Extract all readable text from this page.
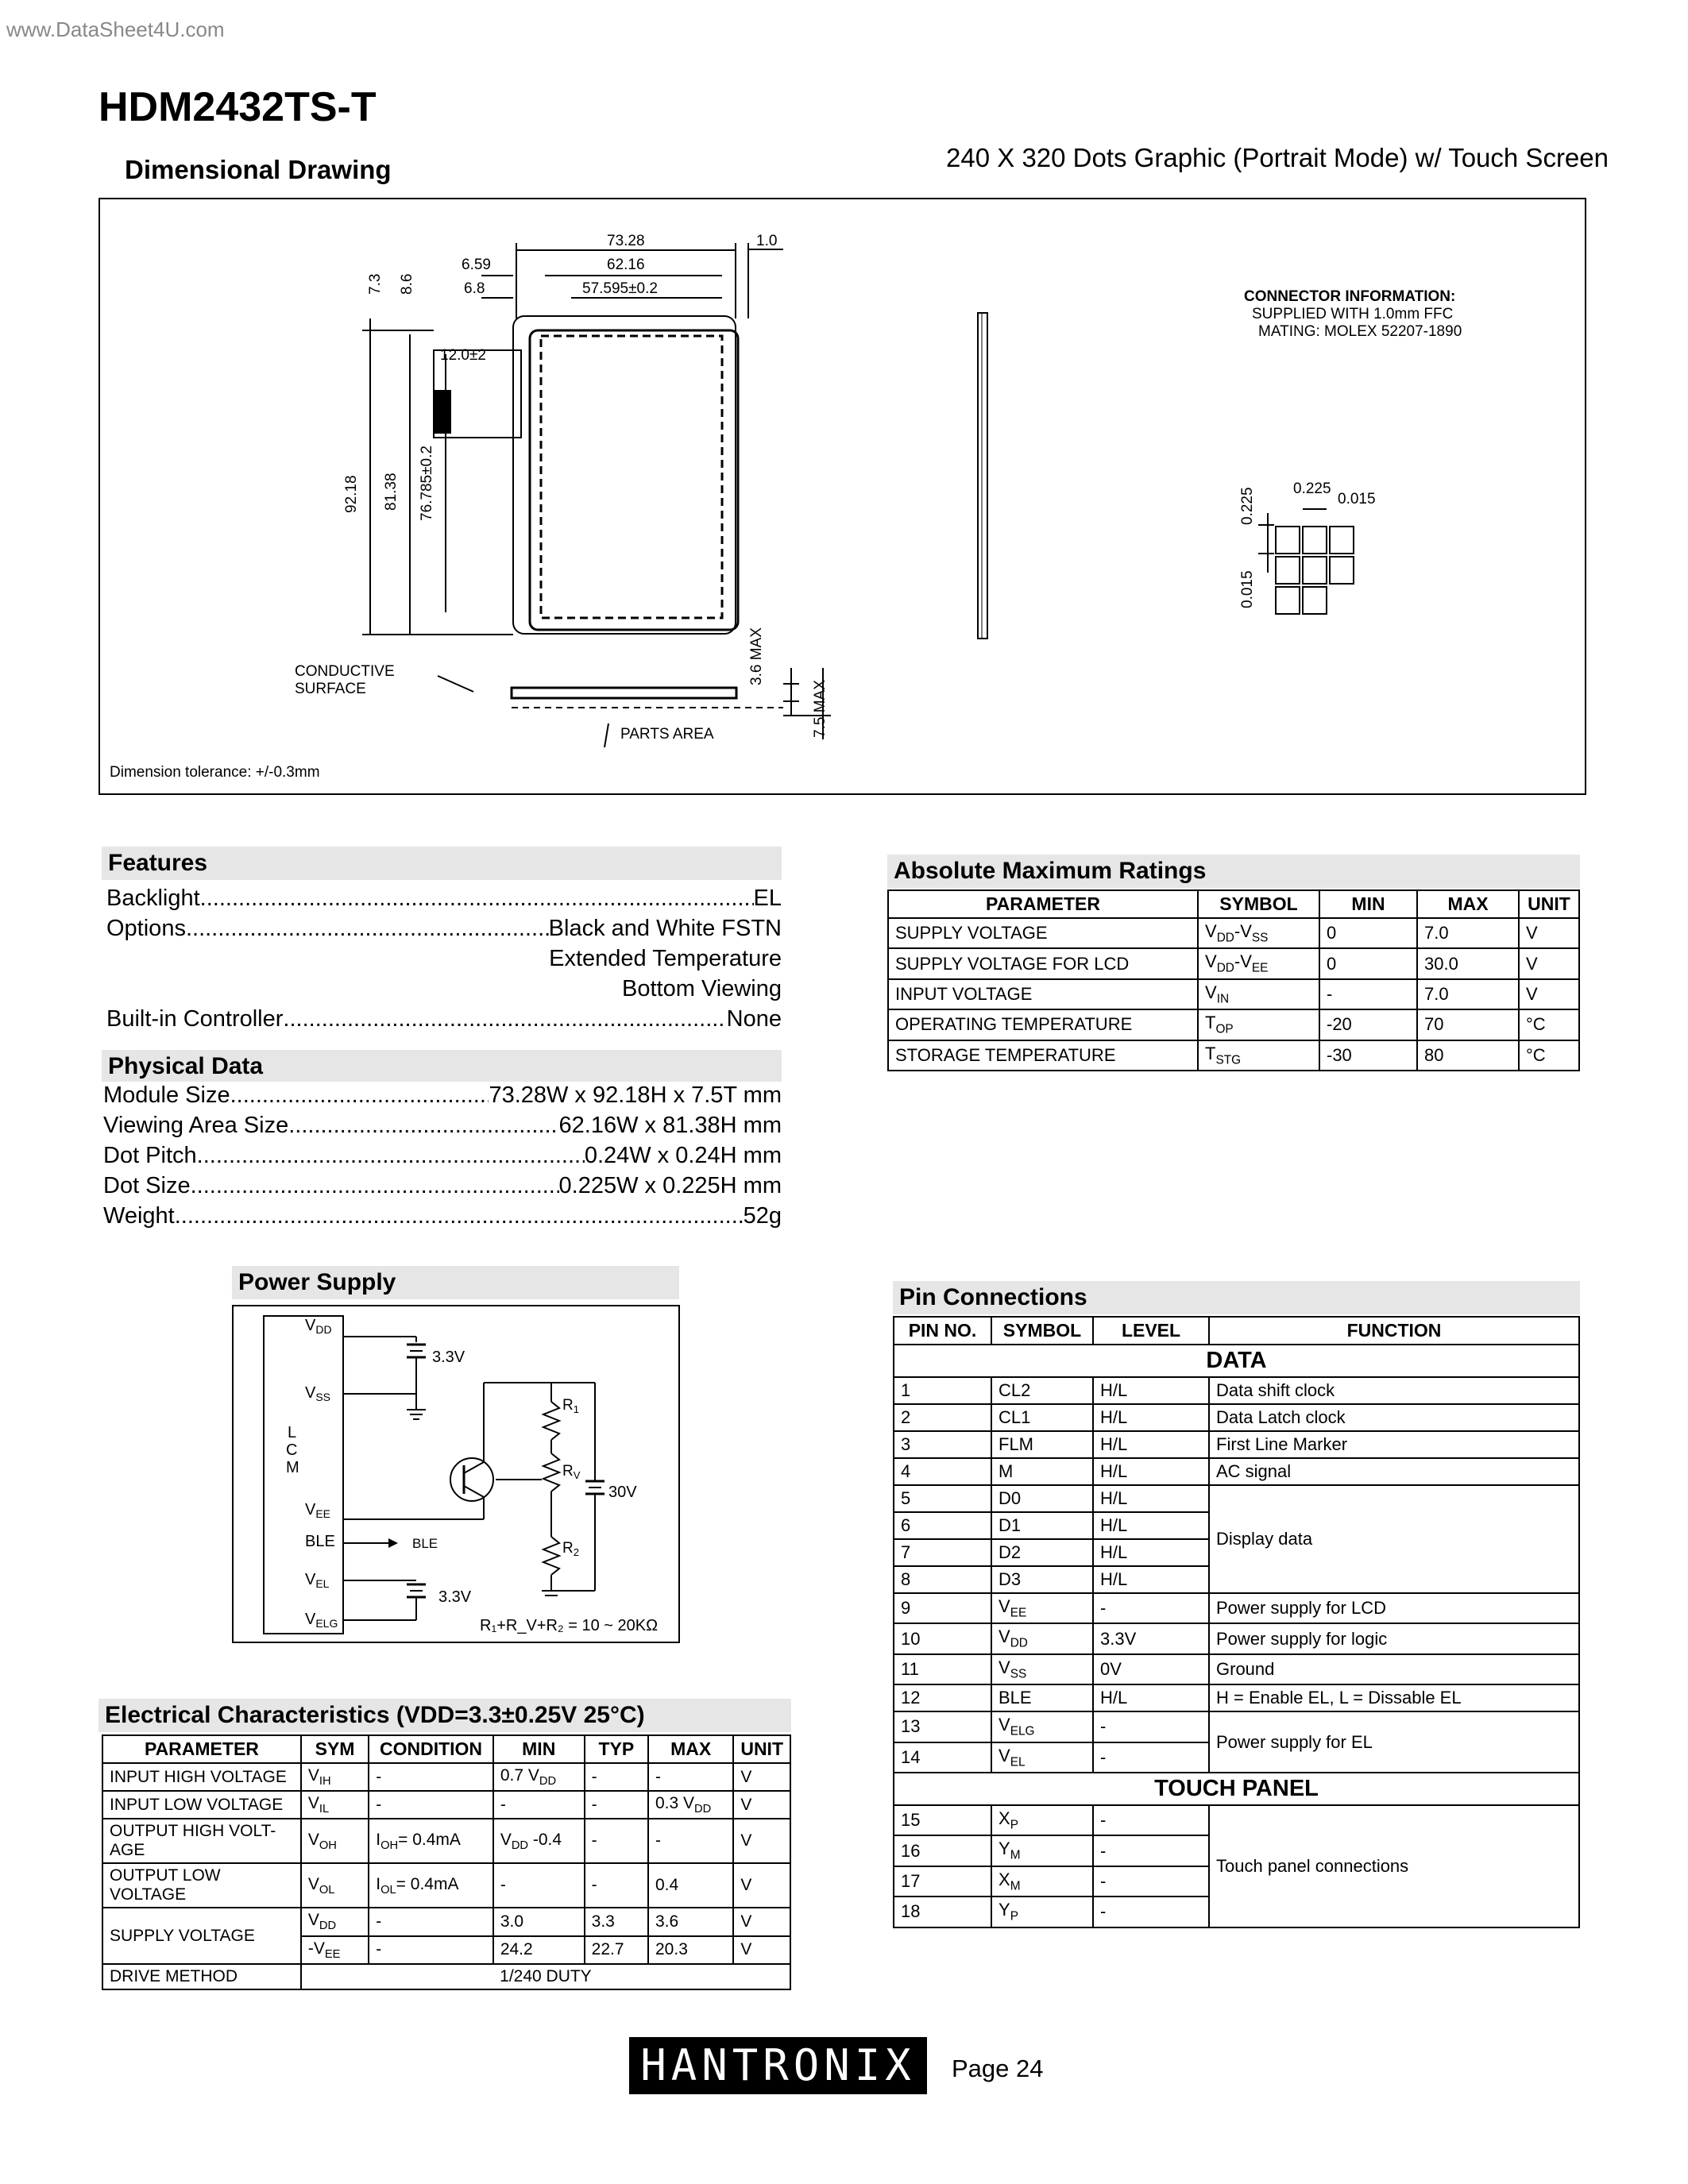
www.DataSheet4U.com
HDM2432TS-T
Dimensional Drawing	240 X 320 Dots Graphic (Portrait Mode) w/ Touch Screen
73.28	1.0
6.59	62.16
6.8	57.595±0.2
12.0±2
7.3 8.6
92.18 81.38 76.785±0.2
3.6 MAX
7.5 MAX
CONDUCTIVE
SURFACE
PARTS AREA
CONNECTOR INFORMATION:
SUPPLIED WITH 1.0mm FFC
MATING: MOLEX 52207-1890
0.225
0.015
0.225
0.015
Dimension tolerance: +/-0.3mm
Features
Backlight .....	EL
Options .....	Black and White FSTN
Extended Temperature
Bottom Viewing
Built-in Controller .....	None
Physical Data
Module Size .....	73.28W x 92.18H x 7.5T mm
Viewing Area Size .....	62.16W x 81.38H mm
Dot Pitch .....	0.24W x 0.24H mm
Dot Size .....	0.225W x 0.225H mm
Weight .....	52g
Power Supply
$V_{DD}$
$V_{SS}$
$V_{EE}$
BLE
$V_{EL}$
$V_{ELG}$
L
C
M
3.3V
$R_1$
$R_V$
$R_2$
30V
BLE
3.3V
R₁+R_V+R₂ = 10 ~ 20KΩ
Absolute Maximum Ratings
PARAMETER	SYMBOL	MIN	MAX	UNIT
SUPPLY VOLTAGE	$V_{DD}-V_{SS}$	0	7.0	V
SUPPLY VOLTAGE FOR LCD	$V_{DD}-V_{EE}$	0	30.0	V
INPUT VOLTAGE	$V_{IN}$	-	7.0	V
OPERATING TEMPERATURE	$T_{OP}$	-20	70	°C
STORAGE TEMPERATURE	$T_{STG}$	-30	80	°C
Pin Connections
PIN NO.	SYMBOL	LEVEL	FUNCTION
DATA			
1	CL2	H/L	Data shift clock
2	CL1	H/L	Data Latch clock
3	FLM	H/L	First Line Marker
4	M	H/L	AC signal
5	D0	H/L	Display data
6	D1	H/L	
7	D2	H/L	
8	D3	H/L	
9	$V_{EE}$	-	Power supply for LCD
10	$V_{DD}$	3.3V	Power supply for logic
11	$V_{SS}$	0V	Ground
12	BLE	H/L	H = Enable EL, L = Dissable EL
13	$V_{ELG}$	-	Power supply for EL
14	$V_{EL}$	-	
TOUCH PANEL			
15	$X_P$	-	Touch panel connections
16	$Y_M$	-	
17	$X_M$	-	
18	$Y_P$	-	
Electrical Characteristics (VDD=3.3±0.25V 25°C)
PARAMETER	SYM	CONDITION	MIN	TYP	MAX	UNIT
INPUT HIGH VOLTAGE	$V_{IH}$	-	0.7 $V_{DD}$	-	-	V
INPUT LOW VOLTAGE	$V_{IL}$	-	-	-	0.3 $V_{DD}$	V
OUTPUT HIGH VOLT-AGE	$V_{OH}$	$I_{OH}= 0.4mA$	$V_{DD}$ -0.4	-	-	V
OUTPUT LOW VOLTAGE	$V_{OL}$	$I_{OL}= 0.4mA$	-	-	0.4	V
SUPPLY VOLTAGE	$V_{DD}$	-	3.0	3.3	3.6	V
	$-V_{EE}$	-	24.2	22.7	20.3	V
DRIVE METHOD	1/240 DUTY					
HANTRONIX	Page 24
